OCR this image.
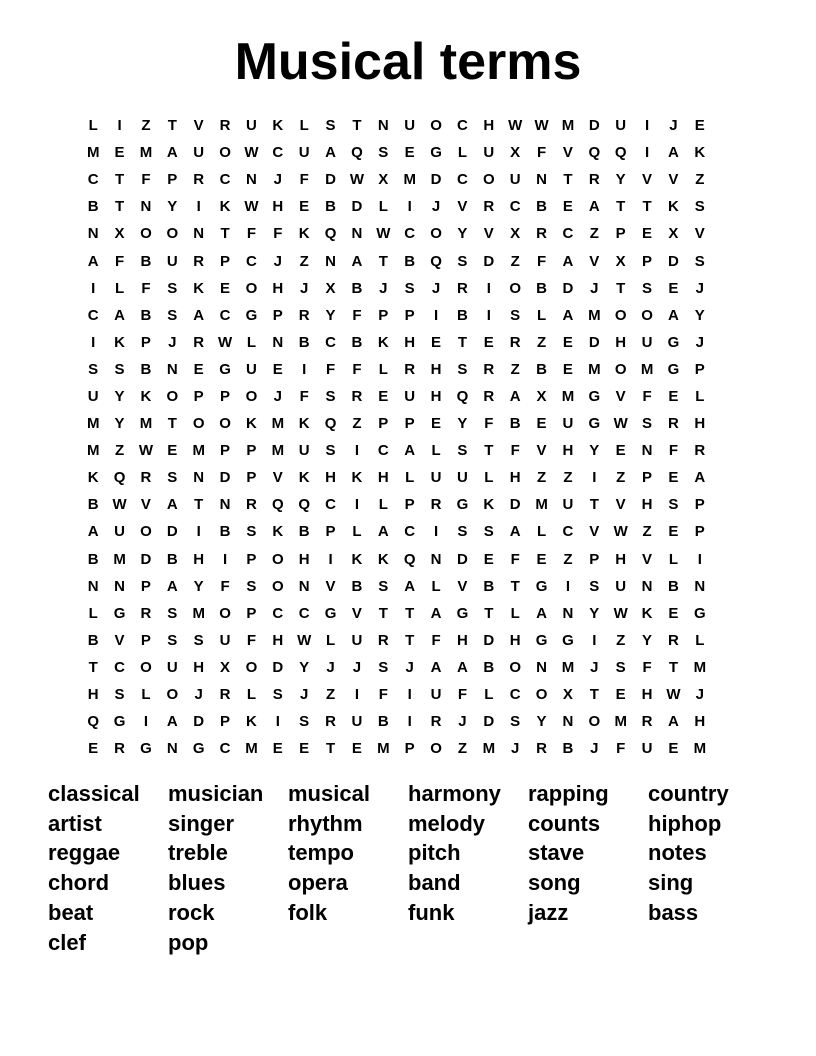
Musical terms
L	I	Z	T	V	R	U	K	L	S	T	N	U	O	C	H W W M D	U	I	J	E
M	E	M A	U	O W C	U	A	Q	S	E	G	L	U	X	F	V	Q Q	I	A	K
C	T	F	P	R	C	N	J	F	D W X	M D	C	O	U	N	T	R	Y	V	V	Z
B	T	N	Y	I	K W H	E	B	D	L	I	J	V	R	C	B	E	A	T	T	K	S
N	X	O O	N	T	F	F	K	Q	N W C	O	Y	V	X	R	C	Z	P	E	X	V
A	F	B	U	R	P	C	J	Z	N	A	T	B	Q	S	D	Z	F	A	V	X	P	D	S
I	L	F	S	K	E	O	H	J	X	B	J	S	J	R	I	O	B	D	J	T	S	E	J
C	A	B	S	A	C	G	P	R	Y	F	P	P	I	B	I	S	L	A M O O	A	Y
I	K	P	J	R W L	N	B	C	B	K	H	E	T	E	R	Z	E	D	H	U	G	J
S	S	B	N	E	G	U	E	I	F	F	L	R	H	S	R	Z	B	E	M O M G	P
U	Y	K	O	P	P	O	J	F	S	R	E	U	H	Q	R	A	X	M G	V	F	E	L
M	Y	M	T	O O	K M K	Q	Z	P	P	E	Y	F	B	E	U	G W S	R	H
M	Z W E	M	P	P	M U	S	I	C	A	L	S	T	F	V	H	Y	E	N	F	R
K	Q	R	S	N	D	P	V	K	H	K	H	L	U	U	L	H	Z	Z	I	Z	P	E	A
B W V	A	T	N	R	Q Q	C	I	L	P	R	G	K	D M U	T	V	H	S	P
A	U	O	D	I	B	S	K	B	P	L	A	C	I	S	S	A	L	C	V W Z	E	P
B M D	B	H	I	P	O	H	I	K	K	Q	N	D	E	F	E	Z	P	H	V	L	I
N	N	P	A	Y	F	S	O	N	V	B	S	A	L	V	B	T	G	I	S	U	N	B	N
L	G	R	S	M O	P	C	C	G	V	T	T	A	G	T	L	A	N	Y W K	E	G
B	V	P	S	S	U	F	H W L	U	R	T	F	H	D	H	G G	I	Z	Y	R	L
T	C	O	U	H	X	O	D	Y	J	J	S	J	A	A	B	O	N M	J	S	F	T	M
H	S	L	O	J	R	L	S	J	Z	I	F	I	U	F	L	C	O	X	T	E	H W	J
Q G	I	A	D	P	K	I	S	R	U	B	I	R	J	D	S	Y	N	O M R	A	H
E	R	G	N	G	C M	E	E	T	E	M	P	O	Z	M	J	R	B	J	F	U	E	M
classical	musician	musical	harmony	rapping	country
artist	singer	rhythm	melody	counts	hiphop
reggae	treble	tempo	pitch	stave	notes
chord	blues	opera	band	song	sing
beat	rock	folk	funk	jazz	bass
clef	pop
